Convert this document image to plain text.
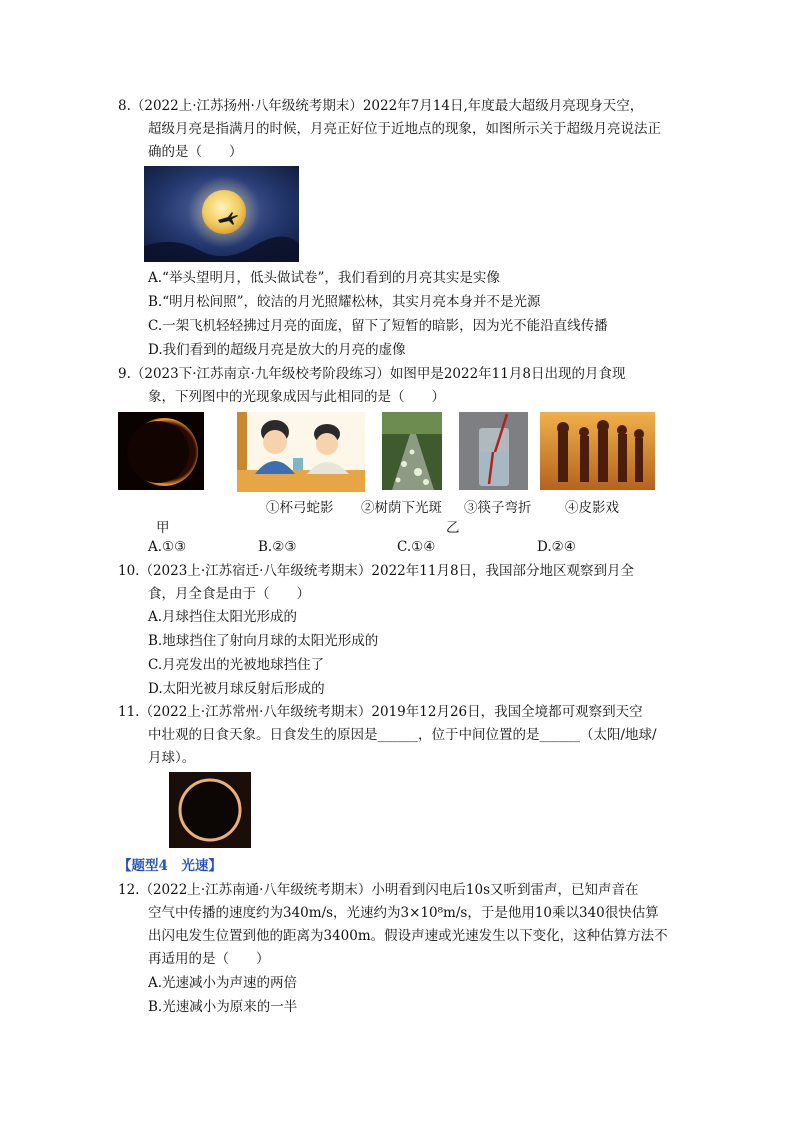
8.（2022上·江苏扬州·八年级统考期末）2022年7月14日,年度最大超级月亮现身天空，
超级月亮是指满月的时候，月亮正好位于近地点的现象，如图所示关于超级月亮说法正
确的是（　　）
A.“举头望明月，低头做试卷”，我们看到的月亮其实是实像
B.“明月松间照”，皎洁的月光照耀松林，其实月亮本身并不是光源
C.一架飞机轻轻拂过月亮的面庞，留下了短暂的暗影，因为光不能沿直线传播
D.我们看到的超级月亮是放大的月亮的虚像
9.（2023下·江苏南京·九年级校考阶段练习）如图甲是2022年11月8日出现的月食现
象，下列图中的光现象成因与此相同的是（　　）
①杯弓蛇影 ②树荫下光斑 ③筷子弯折 ④皮影戏
甲	乙
A.①③	B.②③	C.①④	D.②④
10.（2023上·江苏宿迁·八年级统考期末）2022年11月8日，我国部分地区观察到月全
食，月全食是由于（　　）
A.月球挡住太阳光形成的
B.地球挡住了射向月球的太阳光形成的
C.月亮发出的光被地球挡住了
D.太阳光被月球反射后形成的
11.（2022上·江苏常州·八年级统考期末）2019年12月26日，我国全境都可观察到天空
中壮观的日食天象。日食发生的原因是______，位于中间位置的是______（太阳/地球/
月球）。
【题型4　光速】
12.（2022上·江苏南通·八年级统考期末）小明看到闪电后10s又听到雷声，已知声音在
空气中传播的速度约为340m/s，光速约为3×10⁸m/s，于是他用10乘以340很快估算
出闪电发生位置到他的距离为3400m。假设声速或光速发生以下变化，这种估算方法不
再适用的是（　　）
A.光速减小为声速的两倍
B.光速减小为原来的一半
